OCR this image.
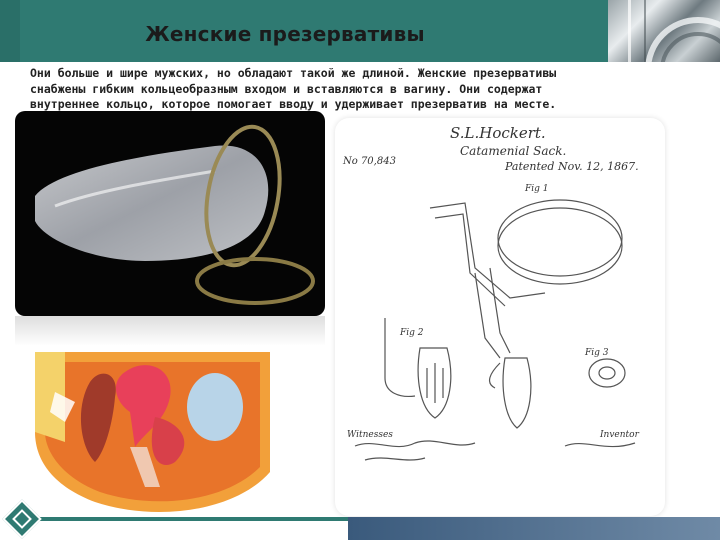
Женские презервативы
Они больше и шире мужских, но обладают такой же длиной. Женские презервативы
снабжены гибким кольцеобразным входом и вставляются в вагину. Они содержат
внутреннее кольцо, которое помогает вводу и удерживает презерватив на месте.
S.L.Hockert.
Catamenial Sack.
Patented Nov. 12, 1867.
No 70,843
Fig 1
Fig 2
Fig 3
Witnesses	Inventor
